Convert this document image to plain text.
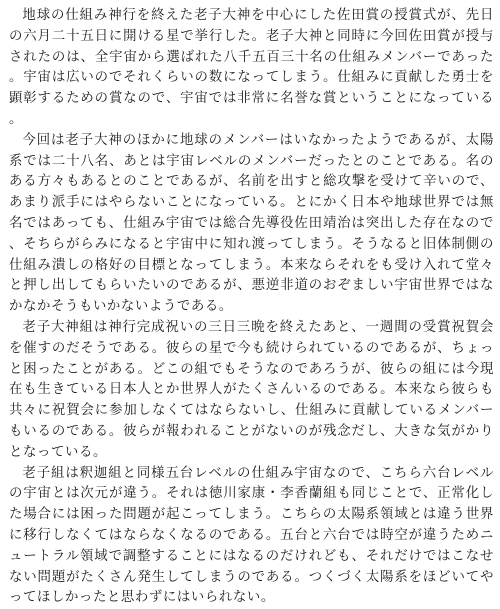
地球の仕組み神行を終えた老子大神を中心にした佐田賞の授賞式が、先日の六月二十五日に開ける星で挙行した。老子大神と同時に今回佐田賞が授与されたのは、全宇宙から選ばれた八千五百三十名の仕組みメンバーであった。宇宙は広いのでそれくらいの数になってしまう。仕組みに貢献した勇士を顕彰するための賞なので、宇宙では非常に名誉な賞ということになっている。

今回は老子大神のほかに地球のメンバーはいなかったようであるが、太陽系では二十八名、あとは宇宙レベルのメンバーだったとのことである。名のある方々もあるとのことであるが、名前を出すと総攻撃を受けて辛いので、あまり派手にはやらないことになっている。とにかく日本や地球世界では無名ではあっても、仕組み宇宙では総合先導役佐田靖治は突出した存在なので、そちらがらみになると宇宙中に知れ渡ってしまう。そうなると旧体制側の仕組み潰しの格好の目標となってしまう。本来ならそれをも受け入れて堂々と押し出してもらいたいのであるが、悪逆非道のおぞましい宇宙世界ではなかなかそうもいかないようである。

老子大神組は神行完成祝いの三日三晩を終えたあと、一週間の受賞祝賀会を催すのだそうである。彼らの星で今も続けられているのであるが、ちょっと困ったことがある。どこの組でもそうなのであろうが、彼らの組には今現在も生きている日本人とか世界人がたくさんいるのである。本来なら彼らも共々に祝賀会に参加しなくてはならないし、仕組みに貢献しているメンバーもいるのである。彼らが報われることがないのが残念だし、大きな気がかりとなっている。

老子組は釈迦組と同様五台レベルの仕組み宇宙なので、こちら六台レベルの宇宙とは次元が違う。それは徳川家康・李香蘭組も同じことで、正常化した場合には困った問題が起こってしまう。こちらの太陽系領域とは違う世界に移行しなくてはならなくなるのである。五台と六台では時空が違うためニュートラル領域で調整することにはなるのだけれども、それだけではこなせない問題がたくさん発生してしまうのである。つくづく太陽系をほどいてやってほしかったと思わずにはいられない。
